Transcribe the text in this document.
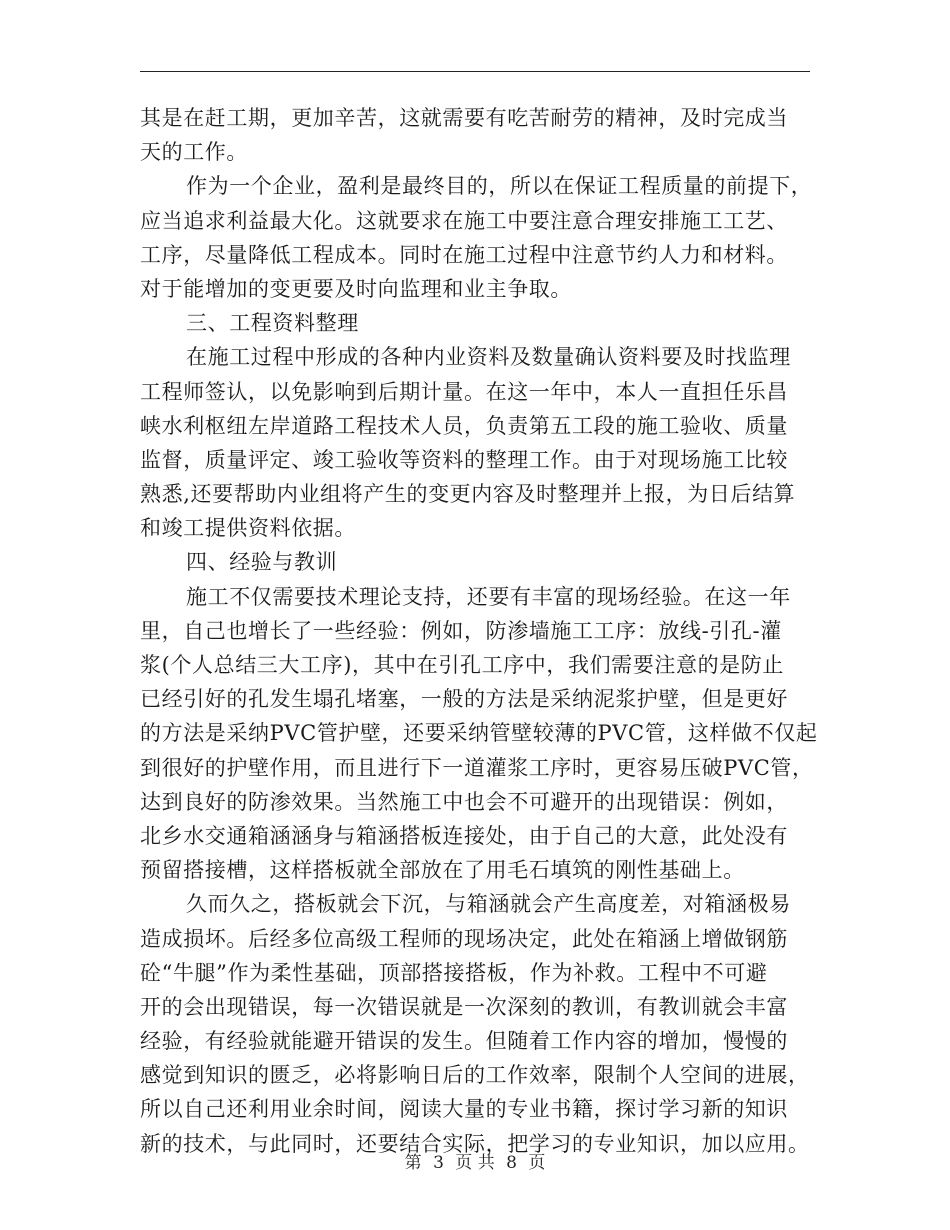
其是在赶工期，更加辛苦，这就需要有吃苦耐劳的精神，及时完成当
天的工作。
作为一个企业，盈利是最终目的，所以在保证工程质量的前提下，
应当追求利益最大化。这就要求在施工中要注意合理安排施工工艺、
工序，尽量降低工程成本。同时在施工过程中注意节约人力和材料。
对于能增加的变更要及时向监理和业主争取。
三、工程资料整理
在施工过程中形成的各种内业资料及数量确认资料要及时找监理
工程师签认，以免影响到后期计量。在这一年中，本人一直担任乐昌
峡水利枢纽左岸道路工程技术人员，负责第五工段的施工验收、质量
监督，质量评定、竣工验收等资料的整理工作。由于对现场施工比较
熟悉,还要帮助内业组将产生的变更内容及时整理并上报，为日后结算
和竣工提供资料依据。
四、经验与教训
施工不仅需要技术理论支持，还要有丰富的现场经验。在这一年
里，自己也增长了一些经验：例如，防渗墙施工工序：放线-引孔-灌
浆(个人总结三大工序)，其中在引孔工序中，我们需要注意的是防止
已经引好的孔发生塌孔堵塞，一般的方法是采纳泥浆护壁，但是更好
的方法是采纳PVC管护壁，还要采纳管壁较薄的PVC管，这样做不仅起
到很好的护壁作用，而且进行下一道灌浆工序时，更容易压破PVC管，
达到良好的防渗效果。当然施工中也会不可避开的出现错误：例如，
北乡水交通箱涵涵身与箱涵搭板连接处，由于自己的大意，此处没有
预留搭接槽，这样搭板就全部放在了用毛石填筑的刚性基础上。
久而久之，搭板就会下沉，与箱涵就会产生高度差，对箱涵极易
造成损坏。后经多位高级工程师的现场决定，此处在箱涵上增做钢筋
砼“牛腿”作为柔性基础，顶部搭接搭板，作为补救。工程中不可避
开的会出现错误，每一次错误就是一次深刻的教训，有教训就会丰富
经验，有经验就能避开错误的发生。但随着工作内容的增加，慢慢的
感觉到知识的匮乏，必将影响日后的工作效率，限制个人空间的进展，
所以自己还利用业余时间，阅读大量的专业书籍，探讨学习新的知识
新的技术，与此同时，还要结合实际，把学习的专业知识，加以应用。
第 3 页 共 8 页
